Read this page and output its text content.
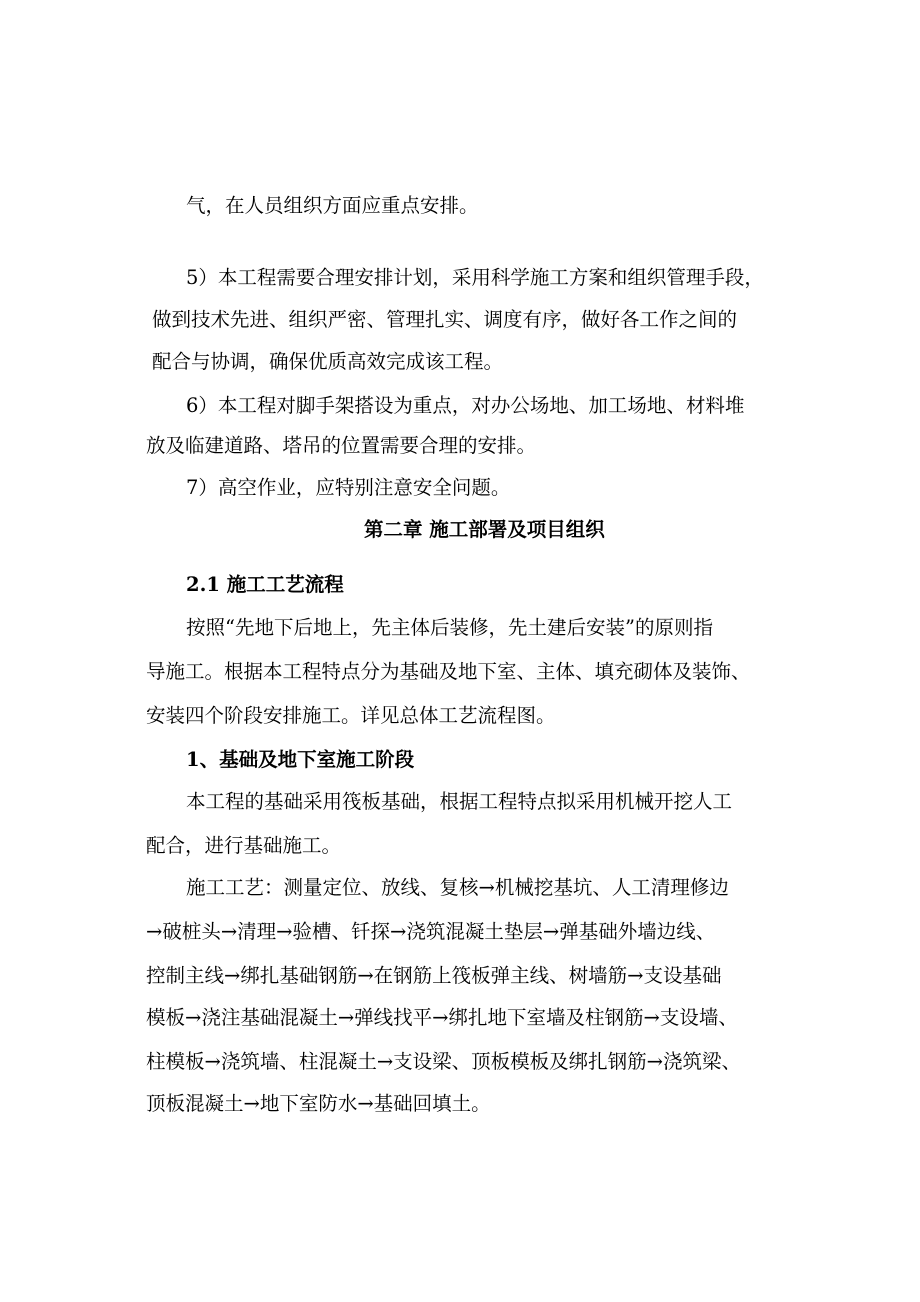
气，在人员组织方面应重点安排。
5）本工程需要合理安排计划，采用科学施工方案和组织管理手段，
做到技术先进、组织严密、管理扎实、调度有序，做好各工作之间的
配合与协调，确保优质高效完成该工程。
6）本工程对脚手架搭设为重点，对办公场地、加工场地、材料堆
放及临建道路、塔吊的位置需要合理的安排。
7）高空作业，应特别注意安全问题。
第二章 施工部署及项目组织
2.1 施工工艺流程
按照“先地下后地上，先主体后装修，先土建后安装”的原则指
导施工。根据本工程特点分为基础及地下室、主体、填充砌体及装饰、
安装四个阶段安排施工。详见总体工艺流程图。
1、基础及地下室施工阶段
本工程的基础采用筏板基础，根据工程特点拟采用机械开挖人工
配合，进行基础施工。
施工工艺：测量定位、放线、复核→机械挖基坑、人工清理修边
→破桩头→清理→验槽、钎探→浇筑混凝土垫层→弹基础外墙边线、
控制主线→绑扎基础钢筋→在钢筋上筏板弹主线、树墙筋→支设基础
模板→浇注基础混凝土→弹线找平→绑扎地下室墙及柱钢筋→支设墙、
柱模板→浇筑墙、柱混凝土→支设梁、顶板模板及绑扎钢筋→浇筑梁、
顶板混凝土→地下室防水→基础回填土。
